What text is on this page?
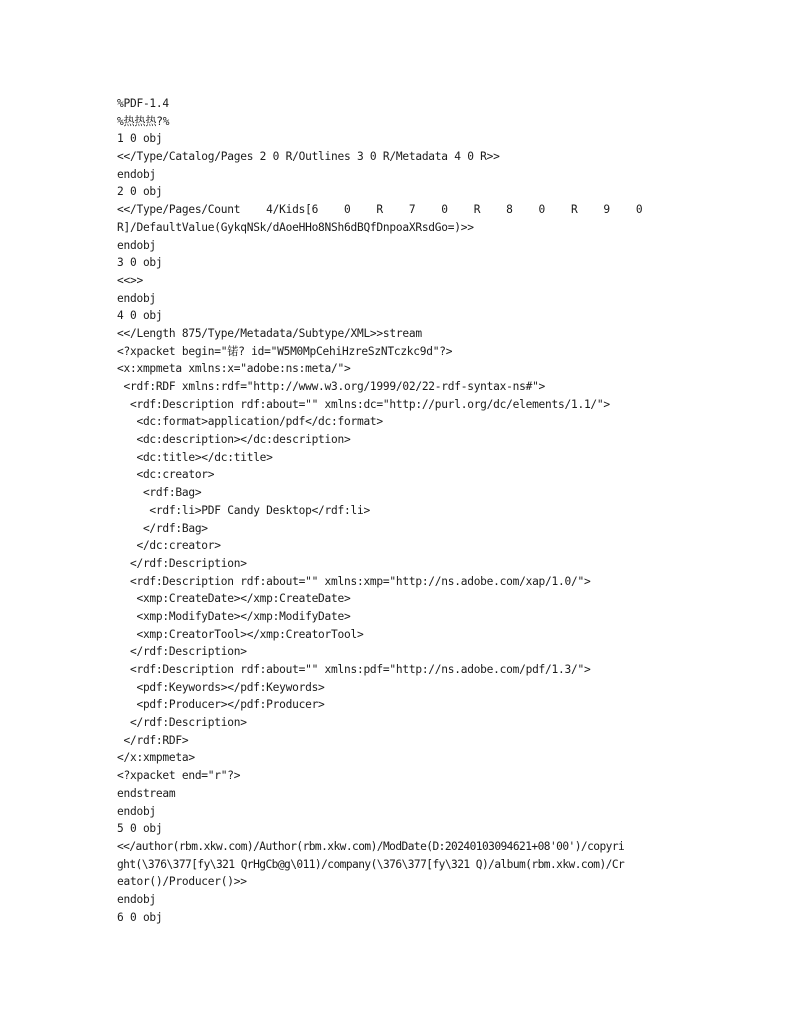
%PDF-1.4
%热热热?%
1 0 obj
<</Type/Catalog/Pages 2 0 R/Outlines 3 0 R/Metadata 4 0 R>>
endobj
2 0 obj
<</Type/Pages/Count    4/Kids[6    0    R    7    0    R    8    0    R    9    0
R]/DefaultValue(GykqNSk/dAoeHHo8NSh6dBQfDnpoaXRsdGo=)>>
endobj
3 0 obj
<<>>
endobj
4 0 obj
<</Length 875/Type/Metadata/Subtype/XML>>stream
<?xpacket begin="锘? id="W5M0MpCehiHzreSzNTczkc9d"?>
<x:xmpmeta xmlns:x="adobe:ns:meta/">
<rdf:RDF xmlns:rdf="http://www.w3.org/1999/02/22-rdf-syntax-ns#">
<rdf:Description rdf:about="" xmlns:dc="http://purl.org/dc/elements/1.1/">
<dc:format>application/pdf</dc:format>
<dc:description></dc:description>
<dc:title></dc:title>
<dc:creator>
<rdf:Bag>
<rdf:li>PDF Candy Desktop</rdf:li>
</rdf:Bag>
</dc:creator>
</rdf:Description>
<rdf:Description rdf:about="" xmlns:xmp="http://ns.adobe.com/xap/1.0/">
<xmp:CreateDate></xmp:CreateDate>
<xmp:ModifyDate></xmp:ModifyDate>
<xmp:CreatorTool></xmp:CreatorTool>
</rdf:Description>
<rdf:Description rdf:about="" xmlns:pdf="http://ns.adobe.com/pdf/1.3/">
<pdf:Keywords></pdf:Keywords>
<pdf:Producer></pdf:Producer>
</rdf:Description>
</rdf:RDF>
</x:xmpmeta>
<?xpacket end="r"?>
endstream
endobj
5 0 obj
<</author(rbm.xkw.com)/Author(rbm.xkw.com)/ModDate(D:20240103094621+08'00')/copyri
ght(\376\377[fy\321 QrHgCb@g\011)/company(\376\377[fy\321 Q)/album(rbm.xkw.com)/Cr
eator()/Producer()>>
endobj
6 0 obj
